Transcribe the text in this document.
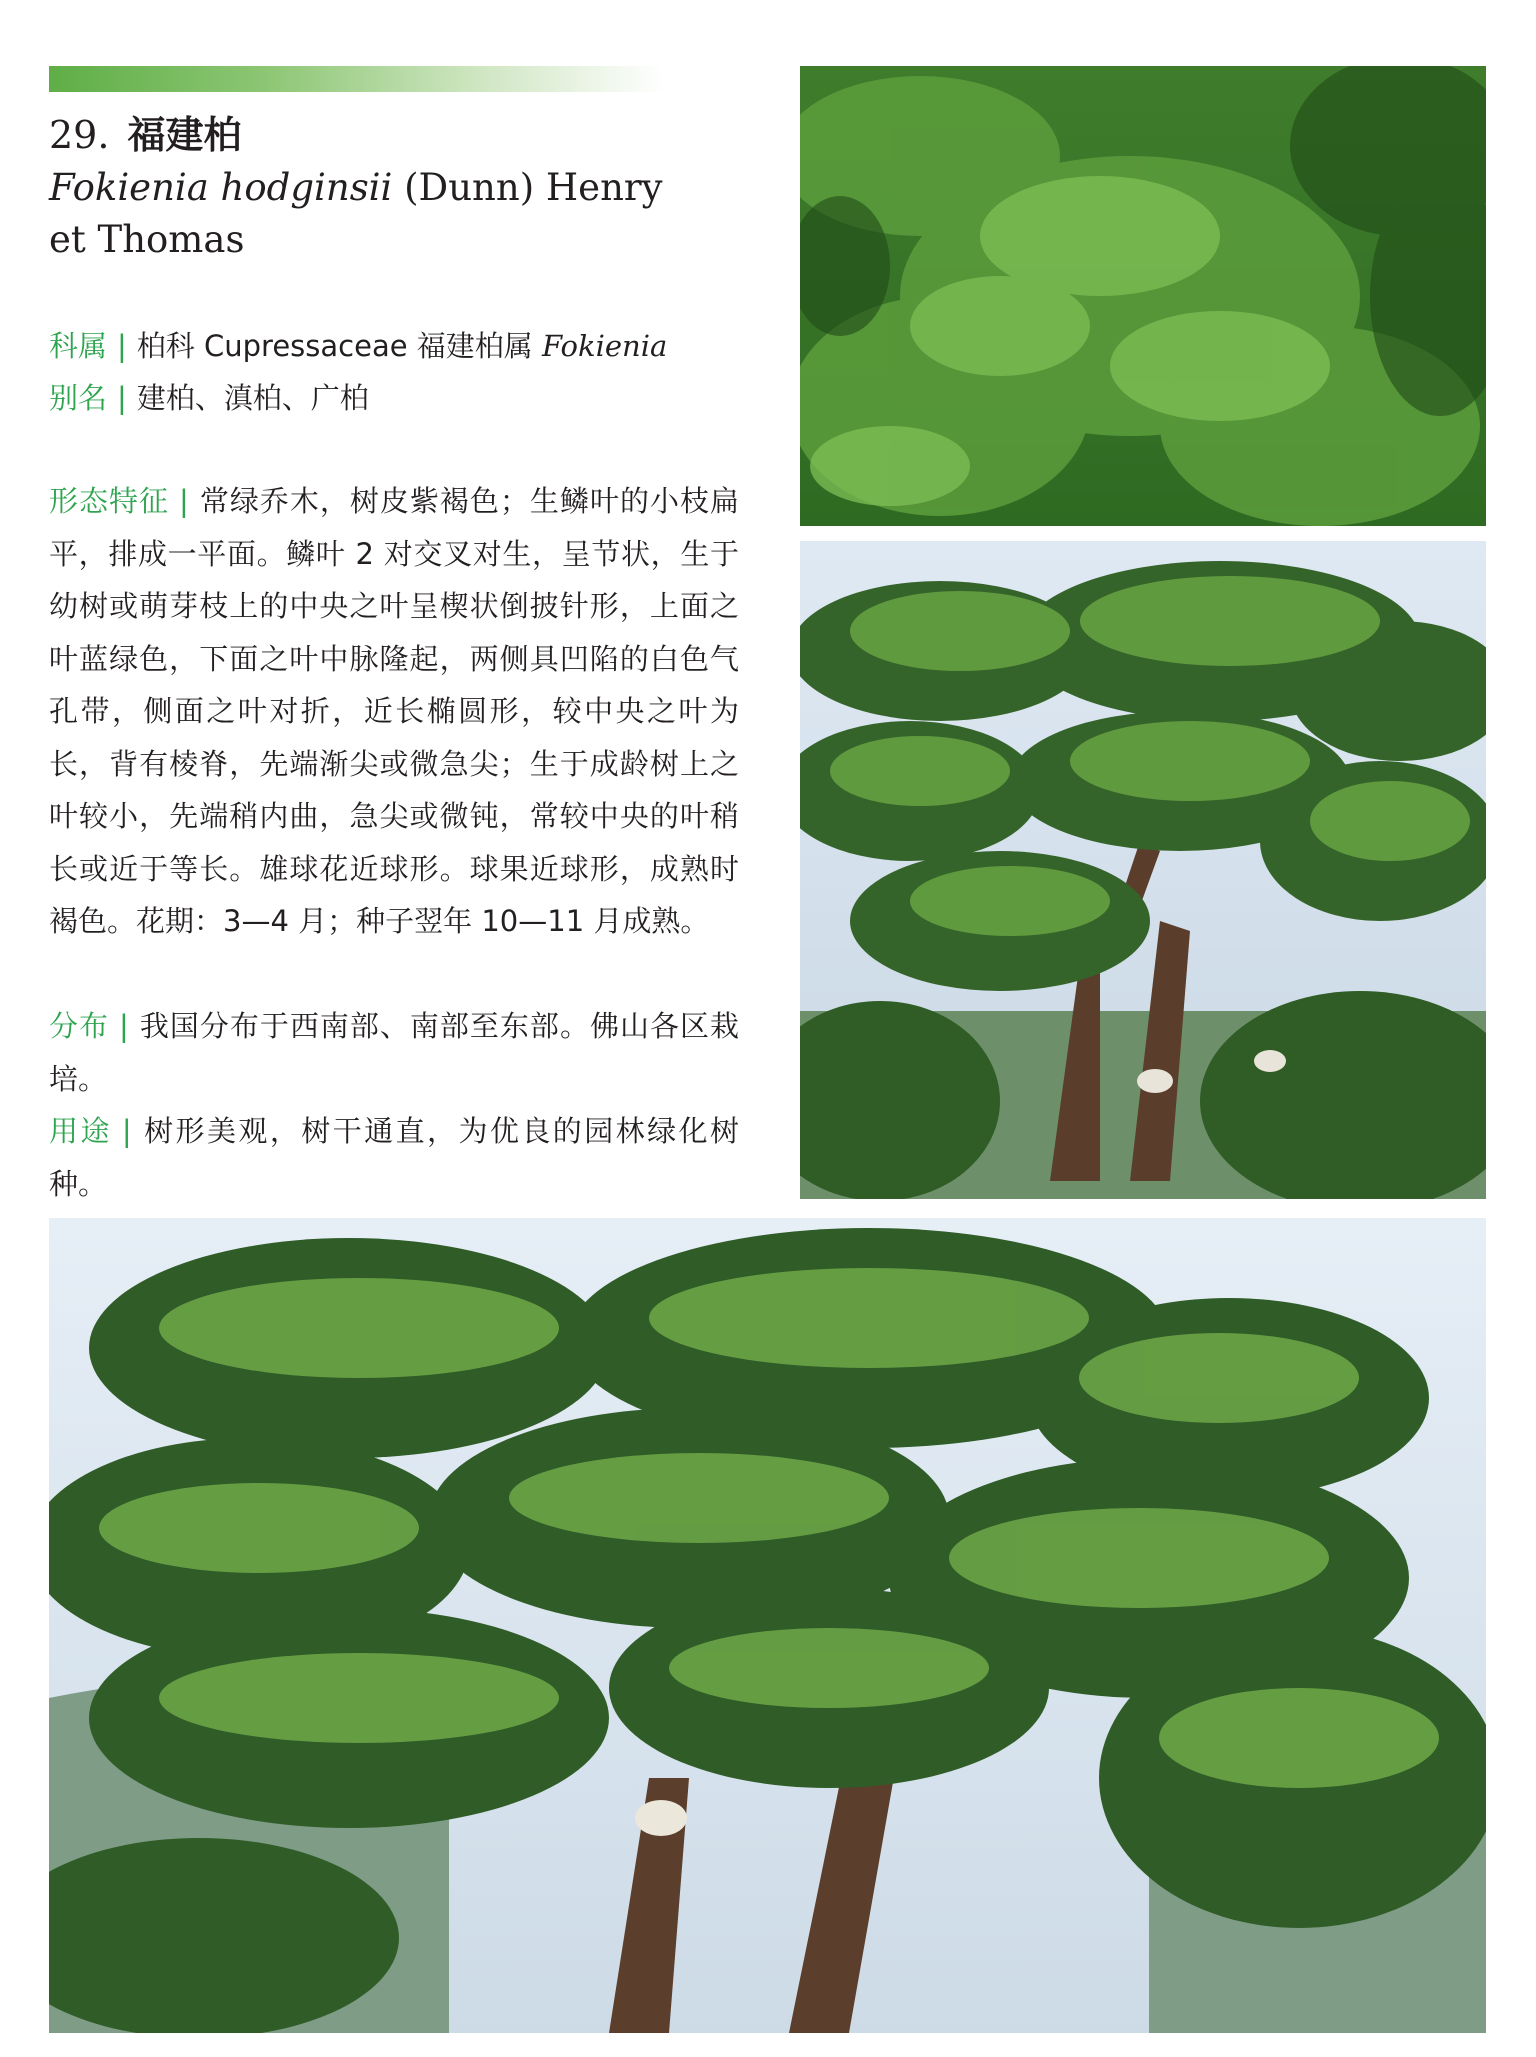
29. 福建柏
Fokienia hodginsii (Dunn) Henry et Thomas
科属 | 柏科 Cupressaceae 福建柏属 Fokienia
别名 | 建柏、滇柏、广柏
形态特征 | 常绿乔木，树皮紫褐色；生鳞叶的小枝扁平，排成一平面。鳞叶 2 对交叉对生，呈节状，生于幼树或萌芽枝上的中央之叶呈楔状倒披针形，上面之叶蓝绿色，下面之叶中脉隆起，两侧具凹陷的白色气孔带，侧面之叶对折，近长椭圆形，较中央之叶为长，背有棱脊，先端渐尖或微急尖；生于成龄树上之叶较小，先端稍内曲，急尖或微钝，常较中央的叶稍长或近于等长。雄球花近球形。球果近球形，成熟时褐色。花期：3—4 月；种子翌年 10—11 月成熟。
分布 | 我国分布于西南部、南部至东部。佛山各区栽培。
用途 | 树形美观，树干通直，为优良的园林绿化树种。
